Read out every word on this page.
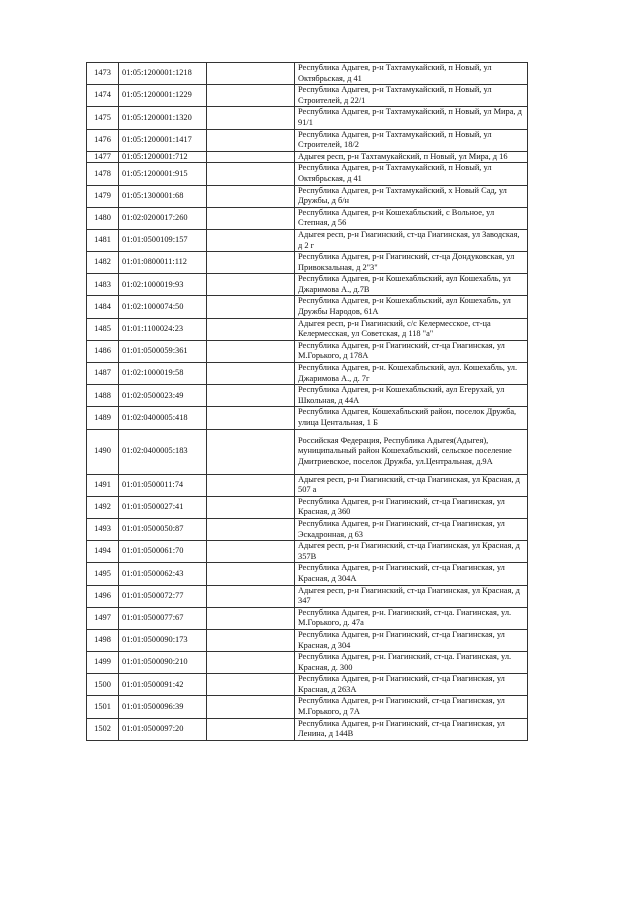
1473	01:05:1200001:1218		Республика Адыгея, р-н Тахтамукайский, п Новый, ул Октябрьская, д 41
1474	01:05:1200001:1229		Республика Адыгея, р-н Тахтамукайский, п Новый, ул Строителей, д 22/1
1475	01:05:1200001:1320		Республика Адыгея, р-н Тахтамукайский, п Новый, ул Мира, д 91/1
1476	01:05:1200001:1417		Республика Адыгея, р-н Тахтамукайский, п Новый, ул Строителей, 18/2
1477	01:05:1200001:712		Адыгея респ, р-н Тахтамукайский, п Новый, ул Мира, д 16
1478	01:05:1200001:915		Республика Адыгея, р-н Тахтамукайский, п Новый, ул Октябрьская, д 41
1479	01:05:1300001:68		Республика Адыгея, р-н Тахтамукайский, х Новый Сад, ул Дружбы, д б/н
1480	01:02:0200017:260		Республика Адыгея, р-н Кошехабльский, с Вольное, ул Степная, д 56
1481	01:01:0500109:157		Адыгея респ, р-н Гиагинский, ст-ца Гиагинская, ул Заводская, д 2 г
1482	01:01:0800011:112		Республика Адыгея, р-н Гиагинский, ст-ца Дондуковская, ул Привокзальная, д 2"3"
1483	01:02:1000019:93		Республика Адыгея, р-н Кошехабльский, аул Кошехабль, ул Джаримова А., д.7В
1484	01:02:1000074:50		Республика Адыгея, р-н Кошехабльский, аул Кошехабль, ул Дружбы Народов, 61А
1485	01:01:1100024:23		Адыгея респ, р-н Гиагинский, с/с Келермесское, ст-ца Келермесская, ул Советская, д 118 "а"
1486	01:01:0500059:361		Республика Адыгея, р-н Гиагинский, ст-ца Гиагинская, ул М.Горького, д 178А
1487	01:02:1000019:58		Республика Адыгея, р-н. Кошехабльский, аул. Кошехабль, ул. Джаримова А., д. 7г
1488	01:02:0500023:49		Республика Адыгея, р-н Кошехабльский, аул Егерухай, ул Школьная, д 44А
1489	01:02:0400005:418		Республика Адыгея, Кошехабльский район, поселок Дружба, улица Центальная, 1 Б
1490	01:02:0400005:183		Российская Федерация, Республика Адыгея(Адыгея), муниципальный район Кошехабльский, сельское поселение Дмитриевское, поселок Дружба, ул.Центральная, д.9А
1491	01:01:0500011:74		Адыгея респ, р-н Гиагинский, ст-ца Гиагинская, ул Красная, д 507 а
1492	01:01:0500027:41		Республика Адыгея, р-н Гиагинский, ст-ца Гиагинская, ул Красная, д 360
1493	01:01:0500050:87		Республика Адыгея, р-н Гиагинский, ст-ца Гиагинская, ул Эскадронная, д 63
1494	01:01:0500061:70		Адыгея респ, р-н Гиагинский, ст-ца Гиагинская, ул Красная, д 357В
1495	01:01:0500062:43		Республика Адыгея, р-н Гиагинский, ст-ца Гиагинская, ул Красная, д 304А
1496	01:01:0500072:77		Адыгея респ, р-н Гиагинский, ст-ца Гиагинская, ул Красная, д 347
1497	01:01:0500077:67		Республика Адыгея, р-н. Гиагинский, ст-ца. Гиагинская, ул. М.Горького, д. 47а
1498	01:01:0500090:173		Республика Адыгея, р-н Гиагинский, ст-ца Гиагинская, ул Красная, д 304
1499	01:01:0500090:210		Республика Адыгея, р-н. Гиагинский, ст-ца. Гиагинская, ул. Красная, д. 300
1500	01:01:0500091:42		Республика Адыгея, р-н Гиагинский, ст-ца Гиагинская, ул Красная, д 263А
1501	01:01:0500096:39		Республика Адыгея, р-н Гиагинский, ст-ца Гиагинская, ул М.Горького, д 7А
1502	01:01:0500097:20		Республика Адыгея, р-н Гиагинский, ст-ца Гиагинская, ул Ленина, д 144В
